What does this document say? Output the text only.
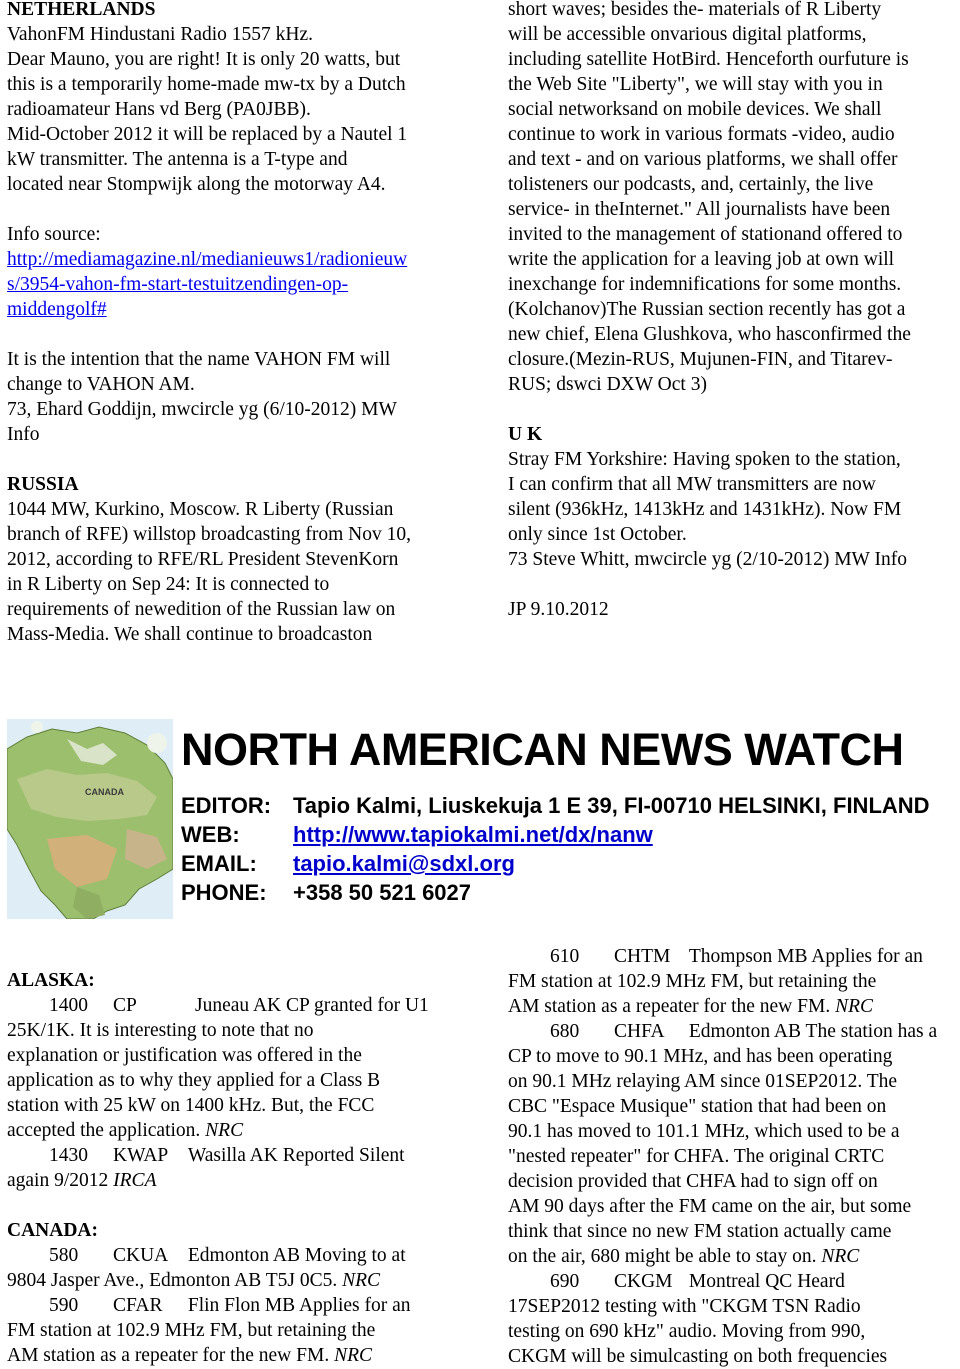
NETHERLANDS

VahonFM Hindustani Radio 1557 kHz.

Dear Mauno, you are right! It is only 20 watts, but

this is a temporarily home-made mw-tx by a Dutch

radioamateur Hans vd Berg (PA0JBB).

Mid-October 2012 it will be replaced by a Nautel 1

kW transmitter. The antenna is a T-type and

located near Stompwijk along the motorway A4.

Info source:

http://mediamagazine.nl/medianieuws1/radionieuw

s/3954-vahon-fm-start-testuitzendingen-op-

middengolf#

It is the intention that the name VAHON FM will

change to VAHON AM.

73, Ehard Goddijn, mwcircle yg (6/10-2012) MW

Info

RUSSIA

1044 MW, Kurkino, Moscow. R Liberty (Russian

branch of RFE) willstop broadcasting from Nov 10,

2012, according to RFE/RL President StevenKorn

in R Liberty on Sep 24: It is connected to

requirements of newedition of the Russian law on

Mass-Media. We shall continue to broadcaston

short waves; besides the- materials of R Liberty

will be accessible onvarious digital platforms,

including satellite HotBird. Henceforth ourfuture is

the Web Site "Liberty", we will stay with you in

social networksand on mobile devices. We shall

continue to work in various formats -video, audio

and text - and on various platforms, we shall offer

tolisteners our podcasts, and, certainly, the live

service- in theInternet." All journalists have been

invited to the management of stationand offered to

write the application for a leaving job at own will

inexchange for indemnifications for some months.

(Kolchanov)The Russian section recently has got a

new chief, Elena Glushkova, who hasconfirmed the

closure.(Mezin-RUS, Mujunen-FIN, and Titarev-

RUS; dswci DXW Oct 3)

U K

Stray FM Yorkshire: Having spoken to the station,

I can confirm that all MW transmitters are now

silent (936kHz, 1413kHz and 1431kHz). Now FM

only since 1st October.

73 Steve Whitt, mwcircle yg (2/10-2012) MW Info

JP 9.10.2012

CANADA
NORTH AMERICAN NEWS WATCH
EDITOR: Tapio Kalmi, Liuskekuja 1 E 39, FI-00710 HELSINKI, FINLAND
WEB: http://www.tapiokalmi.net/dx/nanw
EMAIL: tapio.kalmi@sdxl.org
PHONE: +358 50 521 6027

ALASKA:

1400 CP	Juneau AK CP granted for U1

25K/1K. It is interesting to note that no

explanation or justification was offered in the

application as to why they applied for a Class B

station with 25 kW on 1400 kHz. But, the FCC

accepted the application. NRC

1430 KWAP Wasilla AK Reported Silent

again 9/2012 IRCA

CANADA:

580 CKUA Edmonton AB Moving to at

9804 Jasper Ave., Edmonton AB T5J 0C5. NRC

590 CFAR Flin Flon MB Applies for an

FM station at 102.9 MHz FM, but retaining the

AM station as a repeater for the new FM. NRC

610 CHTM Thompson MB Applies for an

FM station at 102.9 MHz FM, but retaining the

AM station as a repeater for the new FM. NRC

680 CHFA Edmonton AB The station has a

CP to move to 90.1 MHz, and has been operating

on 90.1 MHz relaying AM since 01SEP2012. The

CBC "Espace Musique" station that had been on

90.1 has moved to 101.1 MHz, which used to be a

"nested repeater" for CHFA. The original CRTC

decision provided that CHFA had to sign off on

AM 90 days after the FM came on the air, but some

think that since no new FM station actually came

on the air, 680 might be able to stay on. NRC

690 CKGM Montreal QC Heard

17SEP2012 testing with "CKGM TSN Radio

testing on 690 kHz" audio. Moving from 990,

CKGM will be simulcasting on both frequencies
